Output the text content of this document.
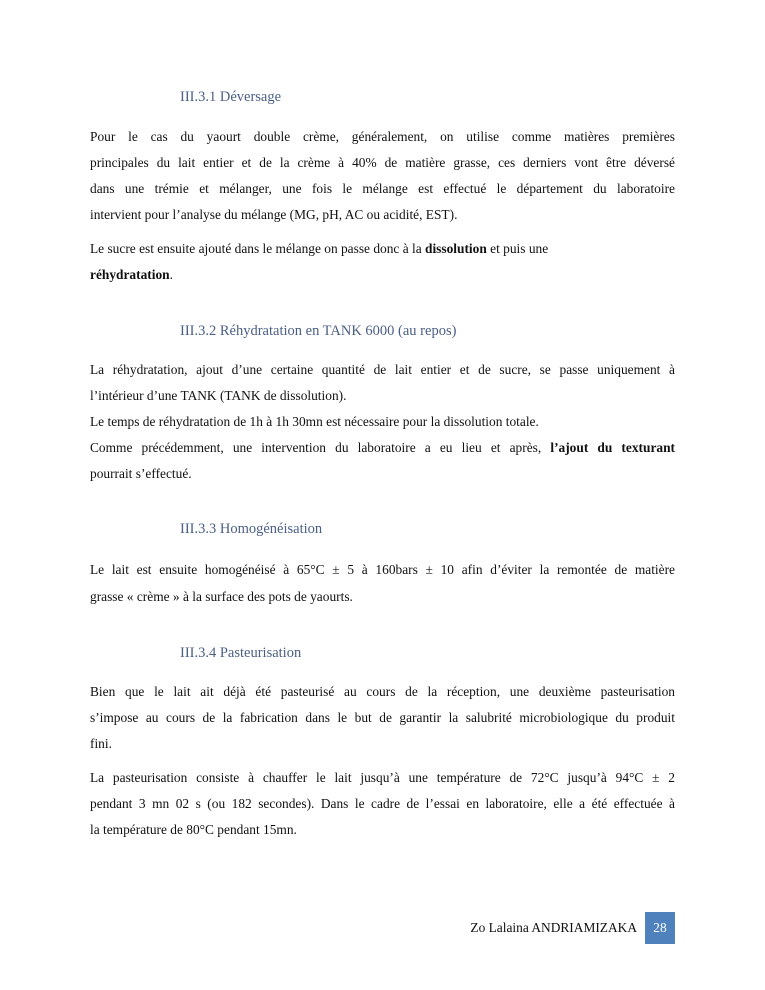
III.3.1 Déversage

Pour le cas du yaourt double crème, généralement, on utilise comme matières premières
principales du lait entier et de la crème à 40% de matière grasse, ces derniers vont être déversé
dans une trémie et mélanger, une fois le mélange est effectué le département du laboratoire
intervient pour l’analyse du mélange (MG, pH, AC ou acidité, EST).

Le sucre est ensuite ajouté dans le mélange on passe donc à la dissolution et puis une
réhydratation.

III.3.2 Réhydratation en TANK 6000 (au repos)

La réhydratation, ajout d’une certaine quantité de lait entier et de sucre, se passe uniquement à
l’intérieur d’une TANK (TANK de dissolution).
Le temps de réhydratation de 1h à 1h 30mn est nécessaire pour la dissolution totale.
Comme précédemment, une intervention du laboratoire a eu lieu et après, l’ajout du texturant
pourrait s’effectué.

III.3.3 Homogénéisation

Le lait est ensuite homogénéisé à 65°C ± 5 à 160bars ± 10 afin d’éviter la remontée de matière
grasse « crème » à la surface des pots de yaourts.

III.3.4 Pasteurisation

Bien que le lait ait déjà été pasteurisé au cours de la réception, une deuxième pasteurisation
s’impose au cours de la fabrication dans le but de garantir la salubrité microbiologique du produit
fini.

La pasteurisation consiste à chauffer le lait jusqu’à une température de 72°C jusqu’à 94°C ± 2
pendant 3 mn 02 s (ou 182 secondes). Dans le cadre de l’essai en laboratoire, elle a été effectuée à
la température de 80°C pendant 15mn.

Zo Lalaina ANDRIAMIZAKA	28
